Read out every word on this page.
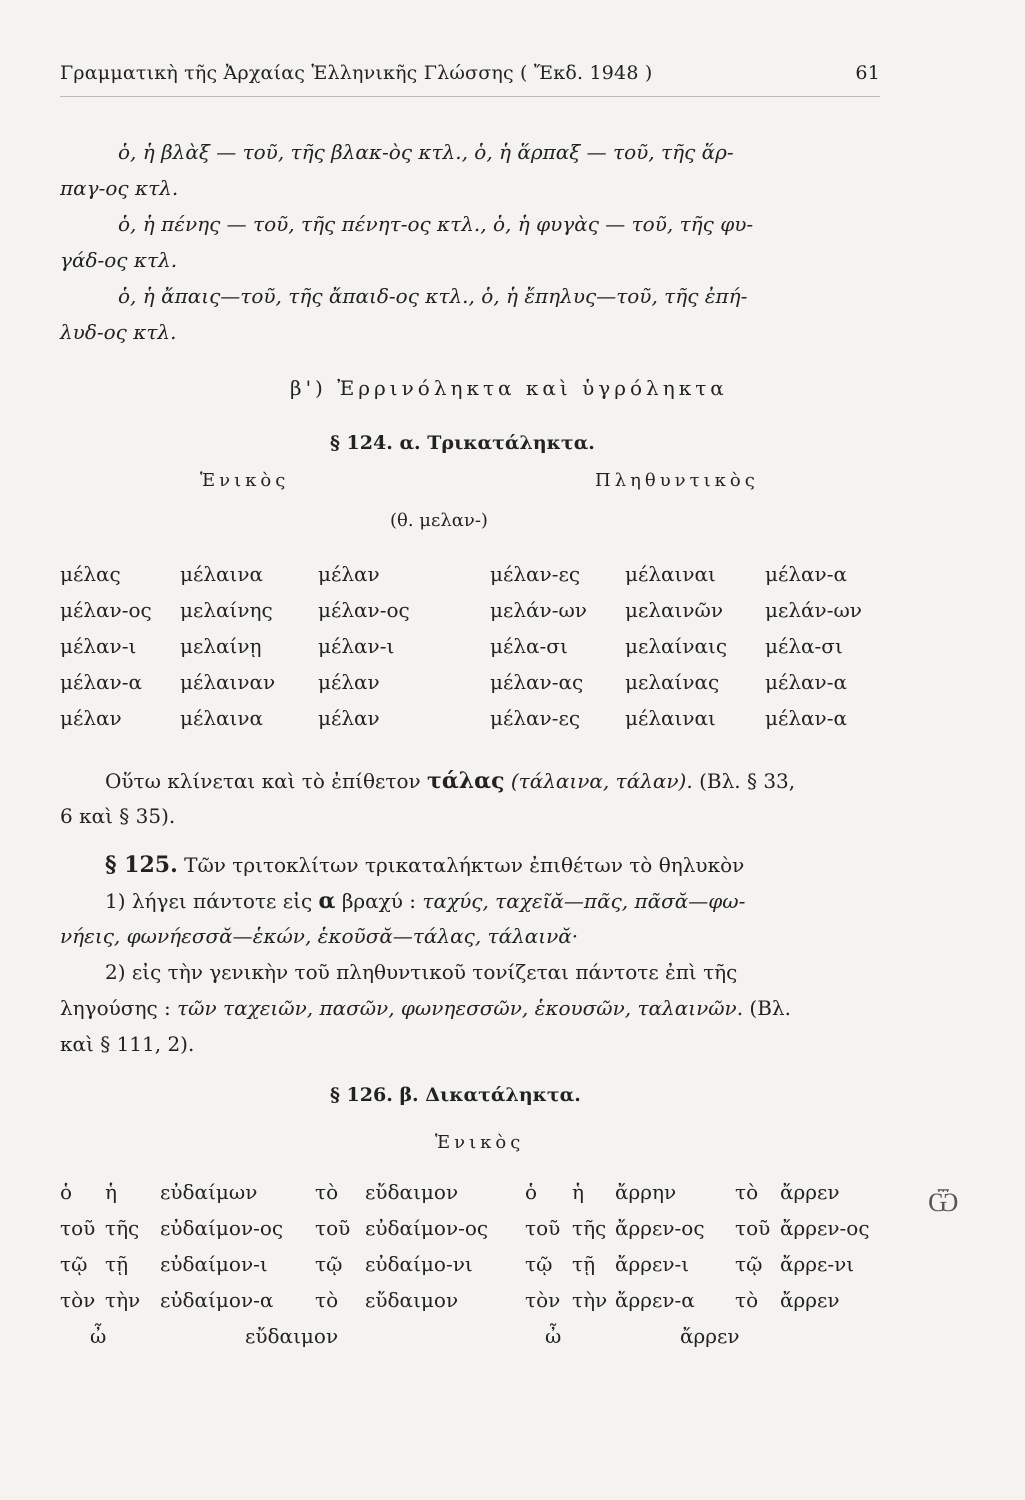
Γραμματικὴ τῆς Ἀρχαίας Ἑλληνικῆς Γλώσσης ( Ἔκδ. 1948 )	61
ὁ, ἡ βλὰξ — τοῦ, τῆς βλακ-ὸς κτλ., ὁ, ἡ ἅρπαξ — τοῦ, τῆς ἅρ-
παγ-ος κτλ.
ὁ, ἡ πένης — τοῦ, τῆς πένητ-ος κτλ., ὁ, ἡ φυγὰς — τοῦ, τῆς φυ-
γάδ-ος κτλ.
ὁ, ἡ ἄπαις—τοῦ, τῆς ἄπαιδ-ος κτλ., ὁ, ἡ ἔπηλυς—τοῦ, τῆς ἐπή-
λυδ-ος κτλ.
β') Ἐρρινόληκτα καὶ ὑγρόληκτα
§ 124. α. Τρικατάληκτα.
Ἑνικὸς	Πληθυντικὸς
(θ. μελαν-)
μέλας	μέλαινα	μέλαν	μέλαν-ες μέλαιναι μέλαν-α
μέλαν-ος μελαίνης μέλαν-ος	μελάν-ων μελαινῶν μελάν-ων
μέλαν-ι μελαίνῃ	μέλαν-ι	μέλα-σι	μελαίναις μέλα-σι
μέλαν-α μέλαιναν μέλαν	μέλαν-ας μελαίνας μέλαν-α
μέλαν	μέλαινα	μέλαν	μέλαν-ες μέλαιναι μέλαν-α
Οὕτω κλίνεται καὶ τὸ ἐπίθετον τάλας (τάλαινα, τάλαν). (Βλ. § 33,
6 καὶ § 35).
§ 125. Τῶν τριτοκλίτων τρικαταλήκτων ἐπιθέτων τὸ θηλυκὸν
1) λήγει πάντοτε εἰς α βραχύ : ταχύς, ταχεῖᾰ—πᾶς, πᾶσᾰ—φω-
νήεις, φωνήεσσᾰ—ἑκών, ἑκοῦσᾰ—τάλας, τάλαινᾰ·
2) εἰς τὴν γενικὴν τοῦ πληθυντικοῦ τονίζεται πάντοτε ἐπὶ τῆς
ληγούσης : τῶν ταχειῶν, πασῶν, φωνηεσσῶν, ἑκουσῶν, ταλαινῶν. (Βλ.
καὶ § 111, 2).
§ 126. β. Δικατάληκτα.
Ἑνικὸς
ὁ ἡ εὐδαίμων	τὸ εὔδαιμον	ὁ ἡ ἄρρην	τὸ ἄρρεν
τοῦ τῆς εὐδαίμον-ος τοῦ εὐδαίμον-ος τοῦ τῆς ἄρρεν-ος τοῦ ἄρρεν-ος
τῷ τῇ εὐδαίμον-ι τῷ εὐδαίμο-νι	τῷ τῇ ἄρρεν-ι τῷ ἄρρε-νι
τὸν τὴν εὐδαίμον-α τὸ εὔδαιμον	τὸν τὴν ἄρρεν-α τὸ ἄρρεν
ὦ	εὔδαιμον	ὦ	ἄρρεν
Ѿ
